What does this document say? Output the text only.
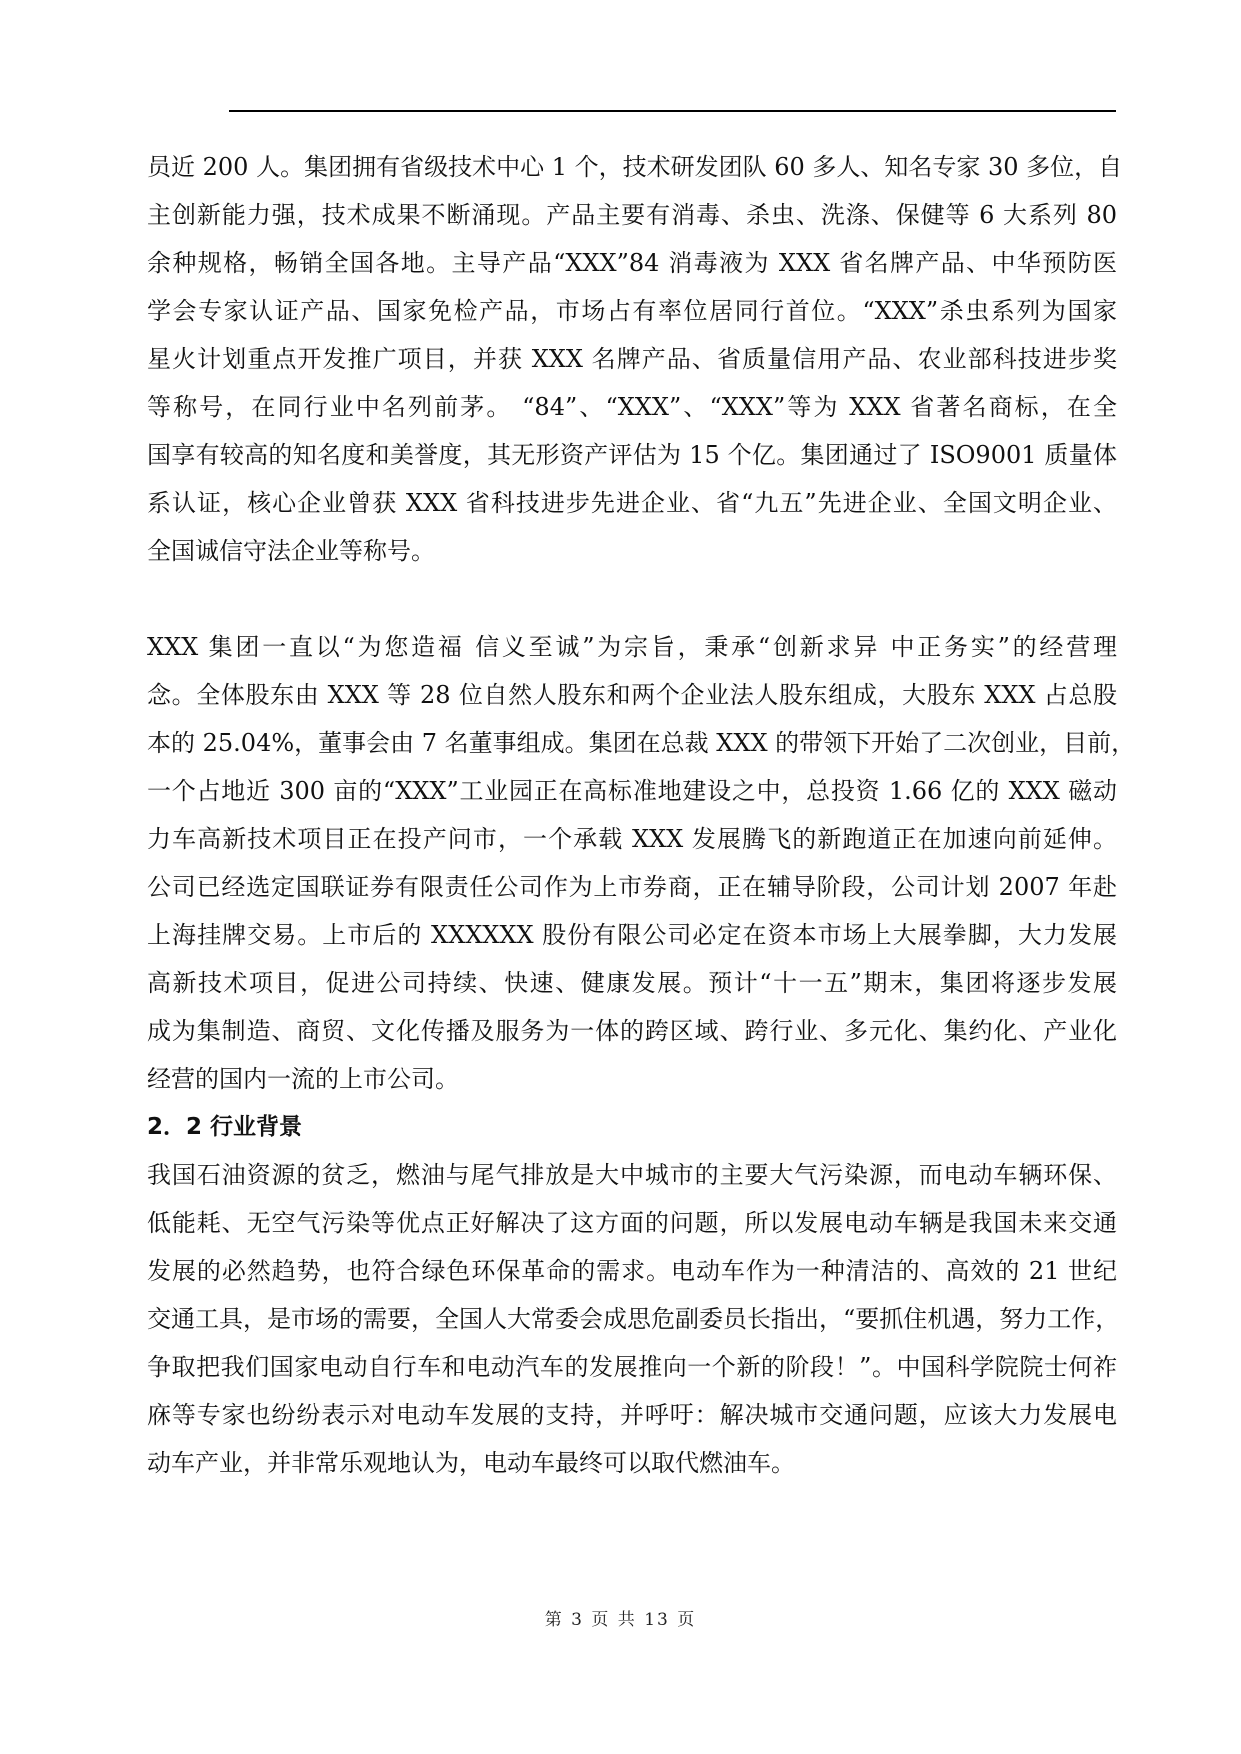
员近 200 人。集团拥有省级技术中心 1 个，技术研发团队 60 多人、知名专家 30 多位，自
主创新能力强，技术成果不断涌现。产品主要有消毒、杀虫、洗涤、保健等 6 大系列 80
余种规格，畅销全国各地。主导产品“XXX”84 消毒液为 XXX 省名牌产品、中华预防医
学会专家认证产品、国家免检产品，市场占有率位居同行首位。“XXX”杀虫系列为国家
星火计划重点开发推广项目，并获 XXX 名牌产品、省质量信用产品、农业部科技进步奖
等称号，在同行业中名列前茅。 “84”、“XXX”、“XXX”等为 XXX 省著名商标，在全
国享有较高的知名度和美誉度，其无形资产评估为 15 个亿。集团通过了 ISO9001 质量体
系认证，核心企业曾获 XXX 省科技进步先进企业、省“九五”先进企业、全国文明企业、
全国诚信守法企业等称号。
XXX 集团一直以“为您造福 信义至诚”为宗旨，秉承“创新求异 中正务实”的经营理
念。全体股东由 XXX 等 28 位自然人股东和两个企业法人股东组成，大股东 XXX 占总股
本的 25.04%，董事会由 7 名董事组成。集团在总裁 XXX 的带领下开始了二次创业，目前，
一个占地近 300 亩的“XXX”工业园正在高标准地建设之中，总投资 1.66 亿的 XXX 磁动
力车高新技术项目正在投产问市，一个承载 XXX 发展腾飞的新跑道正在加速向前延伸。
公司已经选定国联证券有限责任公司作为上市券商，正在辅导阶段，公司计划 2007 年赴
上海挂牌交易。上市后的 XXXXXX 股份有限公司必定在资本市场上大展拳脚，大力发展
高新技术项目，促进公司持续、快速、健康发展。预计“十一五”期末，集团将逐步发展
成为集制造、商贸、文化传播及服务为一体的跨区域、跨行业、多元化、集约化、产业化
经营的国内一流的上市公司。
2．2 行业背景
我国石油资源的贫乏，燃油与尾气排放是大中城市的主要大气污染源，而电动车辆环保、
低能耗、无空气污染等优点正好解决了这方面的问题，所以发展电动车辆是我国未来交通
发展的必然趋势，也符合绿色环保革命的需求。电动车作为一种清洁的、高效的 21 世纪
交通工具，是市场的需要，全国人大常委会成思危副委员长指出，“要抓住机遇，努力工作，
争取把我们国家电动自行车和电动汽车的发展推向一个新的阶段！”。中国科学院院士何祚
庥等专家也纷纷表示对电动车发展的支持，并呼吁：解决城市交通问题，应该大力发展电
动车产业，并非常乐观地认为，电动车最终可以取代燃油车。
第 3 页 共 13 页
